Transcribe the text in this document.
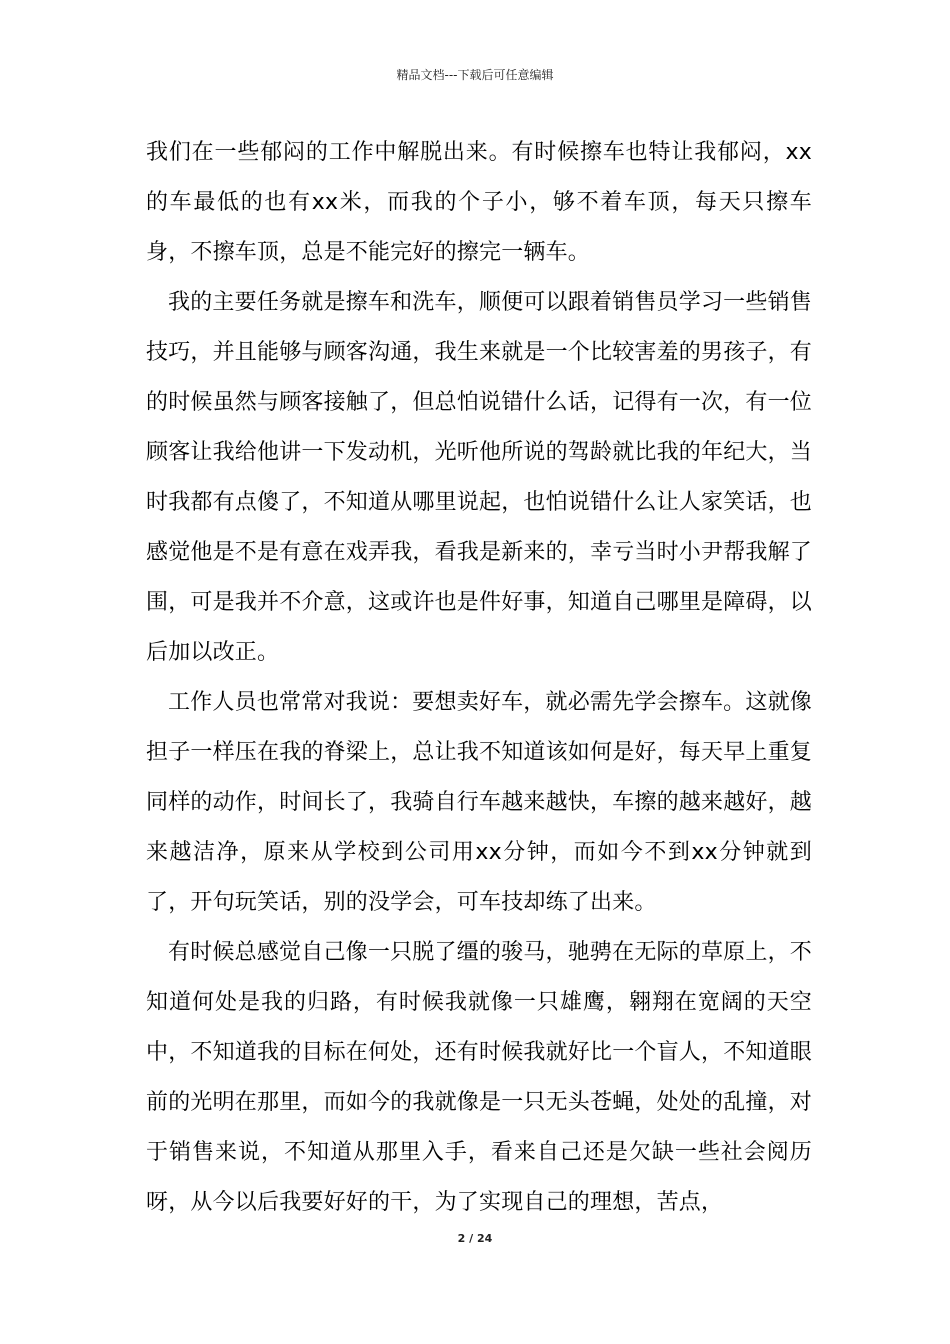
精品文档---下载后可任意编辑

我们在一些郁闷的工作中解脱出来。有时候擦车也特让我郁闷，xx的车最低的也有xx米，而我的个子小，够不着车顶，每天只擦车身，不擦车顶，总是不能完好的擦完一辆车。

我的主要任务就是擦车和洗车，顺便可以跟着销售员学习一些销售技巧，并且能够与顾客沟通，我生来就是一个比较害羞的男孩子，有的时候虽然与顾客接触了，但总怕说错什么话，记得有一次，有一位顾客让我给他讲一下发动机，光听他所说的驾龄就比我的年纪大，当时我都有点傻了，不知道从哪里说起，也怕说错什么让人家笑话，也感觉他是不是有意在戏弄我，看我是新来的，幸亏当时小尹帮我解了围，可是我并不介意，这或许也是件好事，知道自己哪里是障碍，以后加以改正。

工作人员也常常对我说：要想卖好车，就必需先学会擦车。这就像担子一样压在我的脊梁上，总让我不知道该如何是好，每天早上重复同样的动作，时间长了，我骑自行车越来越快，车擦的越来越好，越来越洁净，原来从学校到公司用xx分钟，而如今不到xx分钟就到了，开句玩笑话，别的没学会，可车技却练了出来。

有时候总感觉自己像一只脱了缰的骏马，驰骋在无际的草原上，不知道何处是我的归路，有时候我就像一只雄鹰，翱翔在宽阔的天空中，不知道我的目标在何处，还有时候我就好比一个盲人，不知道眼前的光明在那里，而如今的我就像是一只无头苍蝇，处处的乱撞，对于销售来说，不知道从那里入手，看来自己还是欠缺一些社会阅历呀，从今以后我要好好的干，为了实现自己的理想，苦点，

2 / 24
